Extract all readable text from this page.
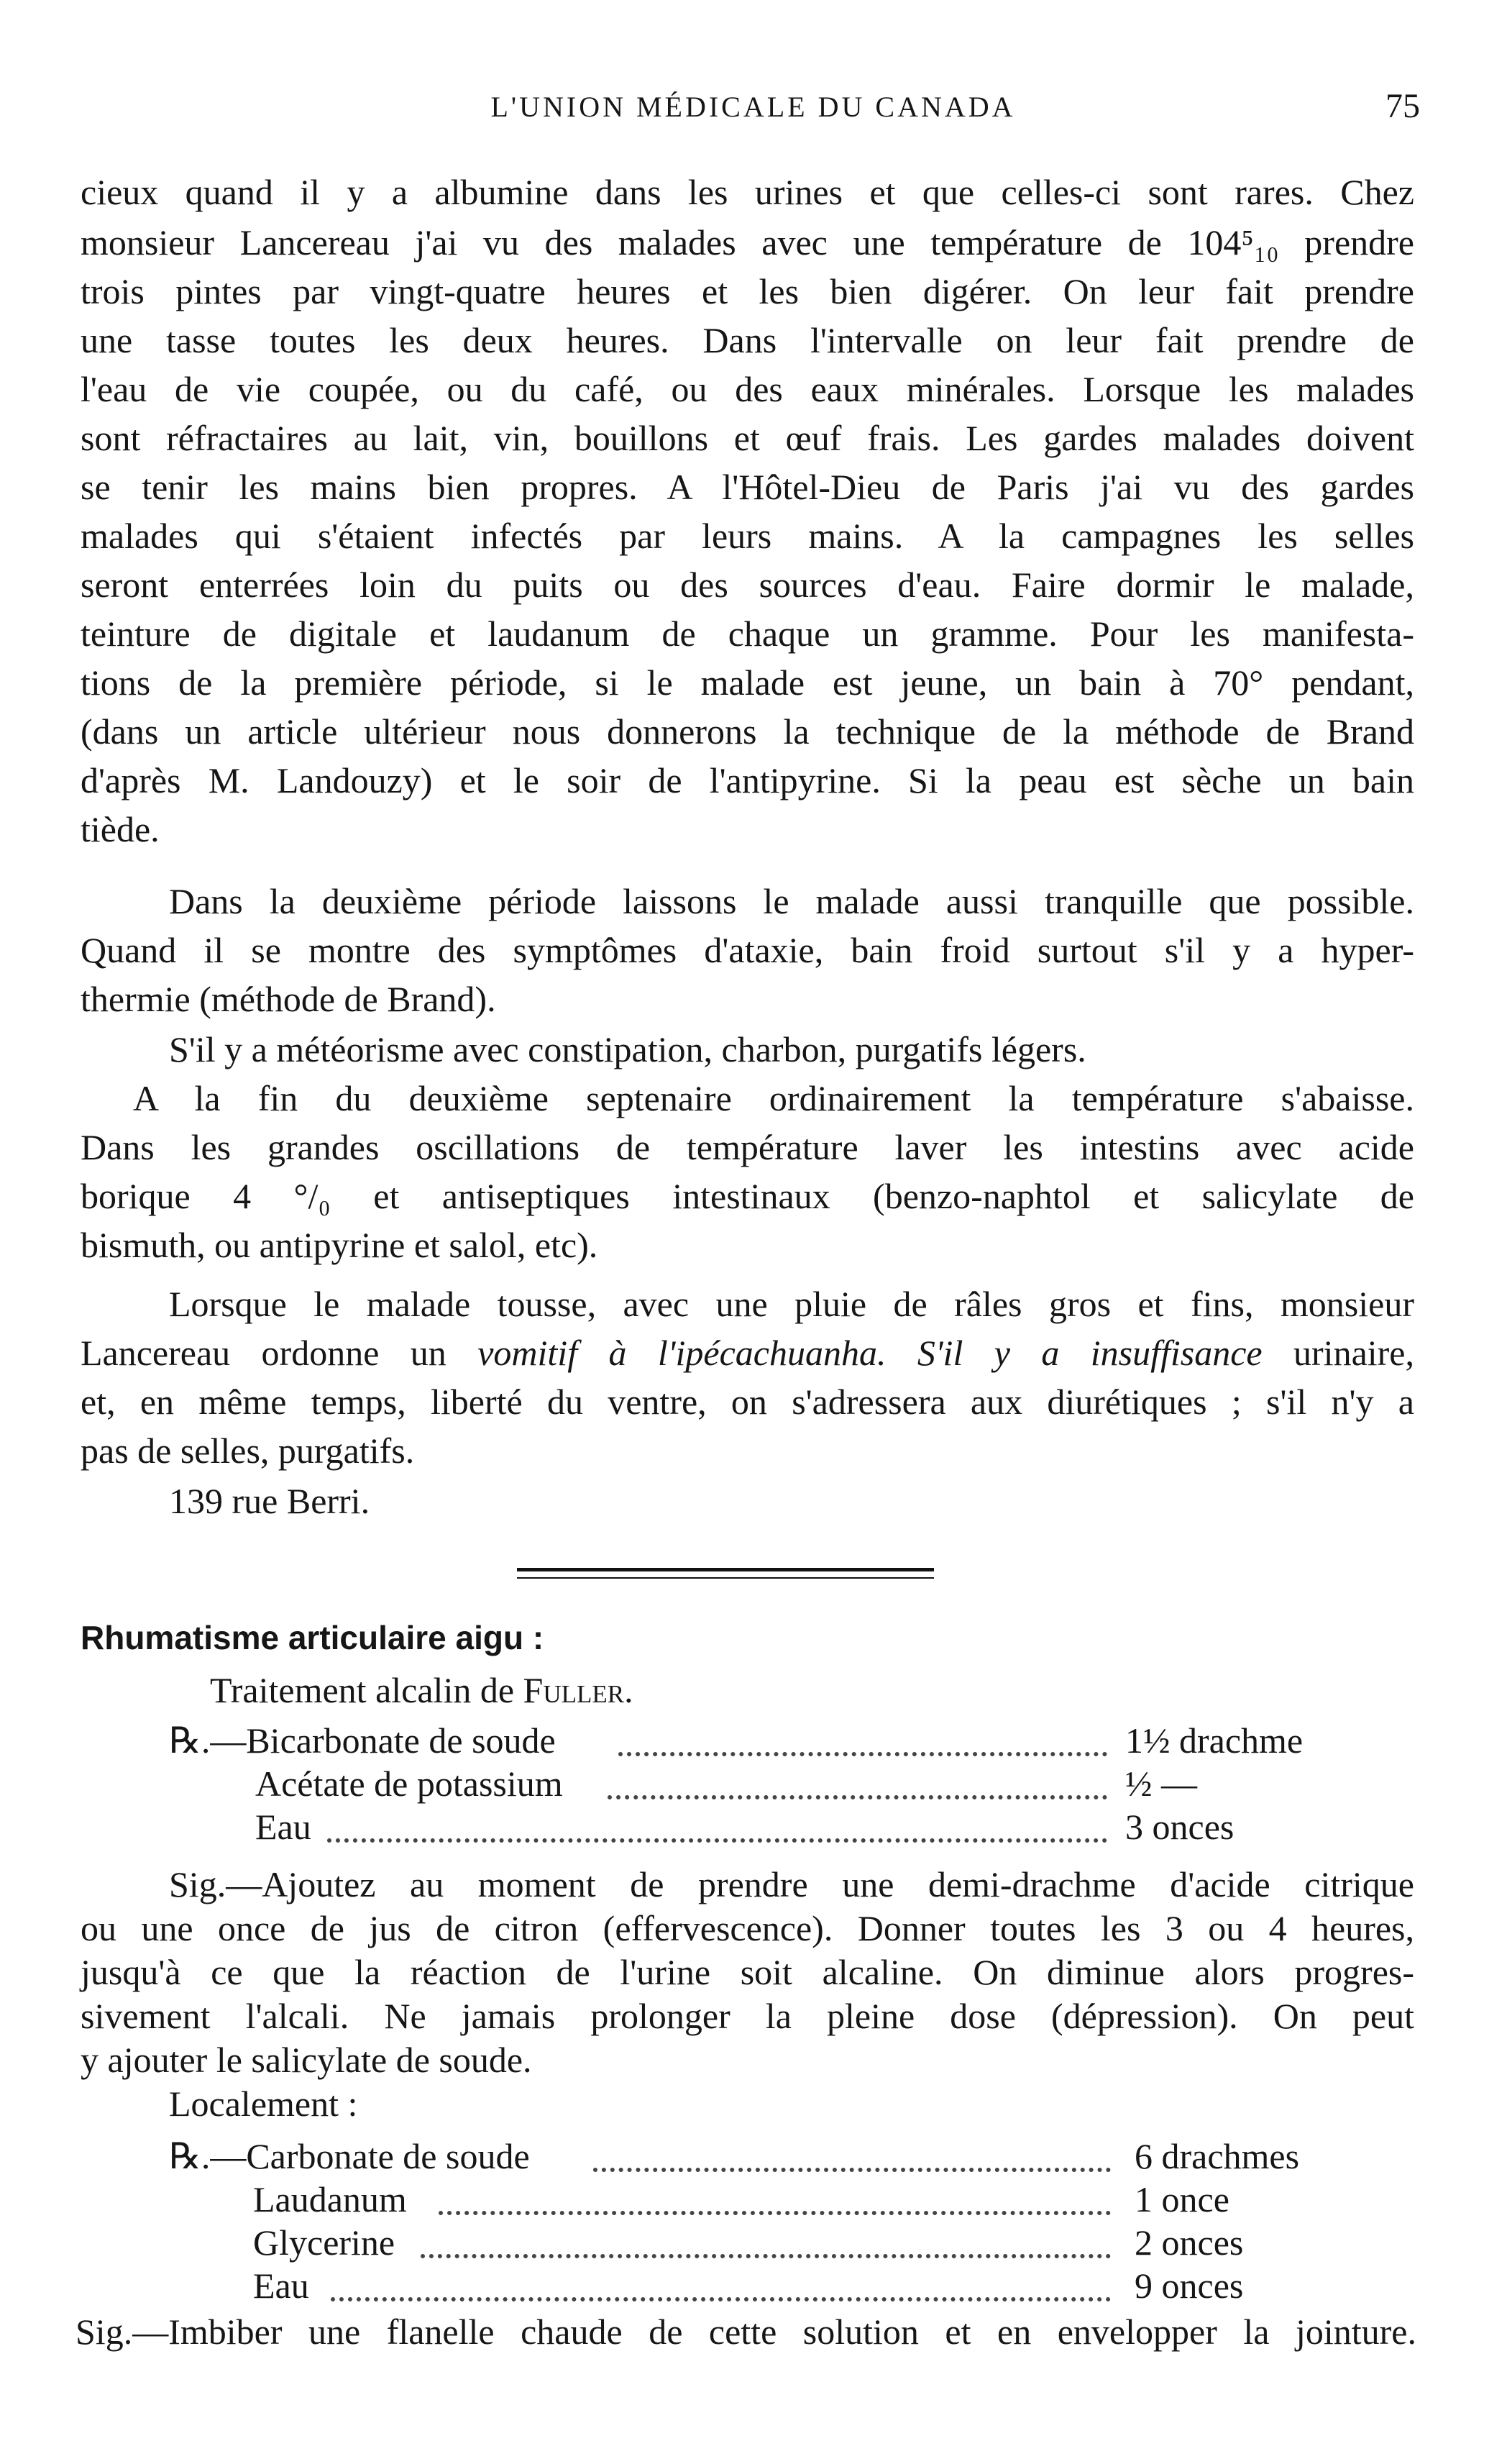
L'UNION MÉDICALE DU CANADA	75
cieux quand il y a albumine dans les urines et que celles-ci sont rares. Chez
monsieur Lancereau j'ai vu des malades avec une température de 104⁵₁₀ prendre
trois pintes par vingt-quatre heures et les bien digérer. On leur fait prendre
une tasse toutes les deux heures. Dans l'intervalle on leur fait prendre de
l'eau de vie coupée, ou du café, ou des eaux minérales. Lorsque les malades
sont réfractaires au lait, vin, bouillons et œuf frais. Les gardes malades doivent
se tenir les mains bien propres. A l'Hôtel-Dieu de Paris j'ai vu des gardes
malades qui s'étaient infectés par leurs mains. A la campagnes les selles
seront enterrées loin du puits ou des sources d'eau. Faire dormir le malade,
teinture de digitale et laudanum de chaque un gramme. Pour les manifesta-
tions de la première période, si le malade est jeune, un bain à 70° pendant,
(dans un article ultérieur nous donnerons la technique de la méthode de Brand
d'après M. Landouzy) et le soir de l'antipyrine. Si la peau est sèche un bain
tiède.
Dans la deuxième période laissons le malade aussi tranquille que possible.
Quand il se montre des symptômes d'ataxie, bain froid surtout s'il y a hyper-
thermie (méthode de Brand).
S'il y a météorisme avec constipation, charbon, purgatifs légers.
A la fin du deuxième septenaire ordinairement la température s'abaisse.
Dans les grandes oscillations de température laver les intestins avec acide
borique 4 °/₀ et antiseptiques intestinaux (benzo-naphtol et salicylate de
bismuth, ou antipyrine et salol, etc).
Lorsque le malade tousse, avec une pluie de râles gros et fins, monsieur
Lancereau ordonne un vomitif à l'ipécachuanha. S'il y a insuffisance urinaire,
et, en même temps, liberté du ventre, on s'adressera aux diurétiques ; s'il n'y a
pas de selles, purgatifs.
139 rue Berri.
Rhumatisme articulaire aigu :
Traitement alcalin de Fuller.
℞.—Bicarbonate de soude	1½ drachme
Acétate de potassium	½ —
Eau	3 onces
Sig.—Ajoutez au moment de prendre une demi-drachme d'acide citrique
ou une once de jus de citron (effervescence). Donner toutes les 3 ou 4 heures,
jusqu'à ce que la réaction de l'urine soit alcaline. On diminue alors progres-
sivement l'alcali. Ne jamais prolonger la pleine dose (dépression). On peut
y ajouter le salicylate de soude.
Localement :
℞.—Carbonate de soude	6 drachmes
Laudanum	1 once
Glycerine	2 onces
Eau	9 onces
Sig.—Imbiber une flanelle chaude de cette solution et en envelopper la jointure.
